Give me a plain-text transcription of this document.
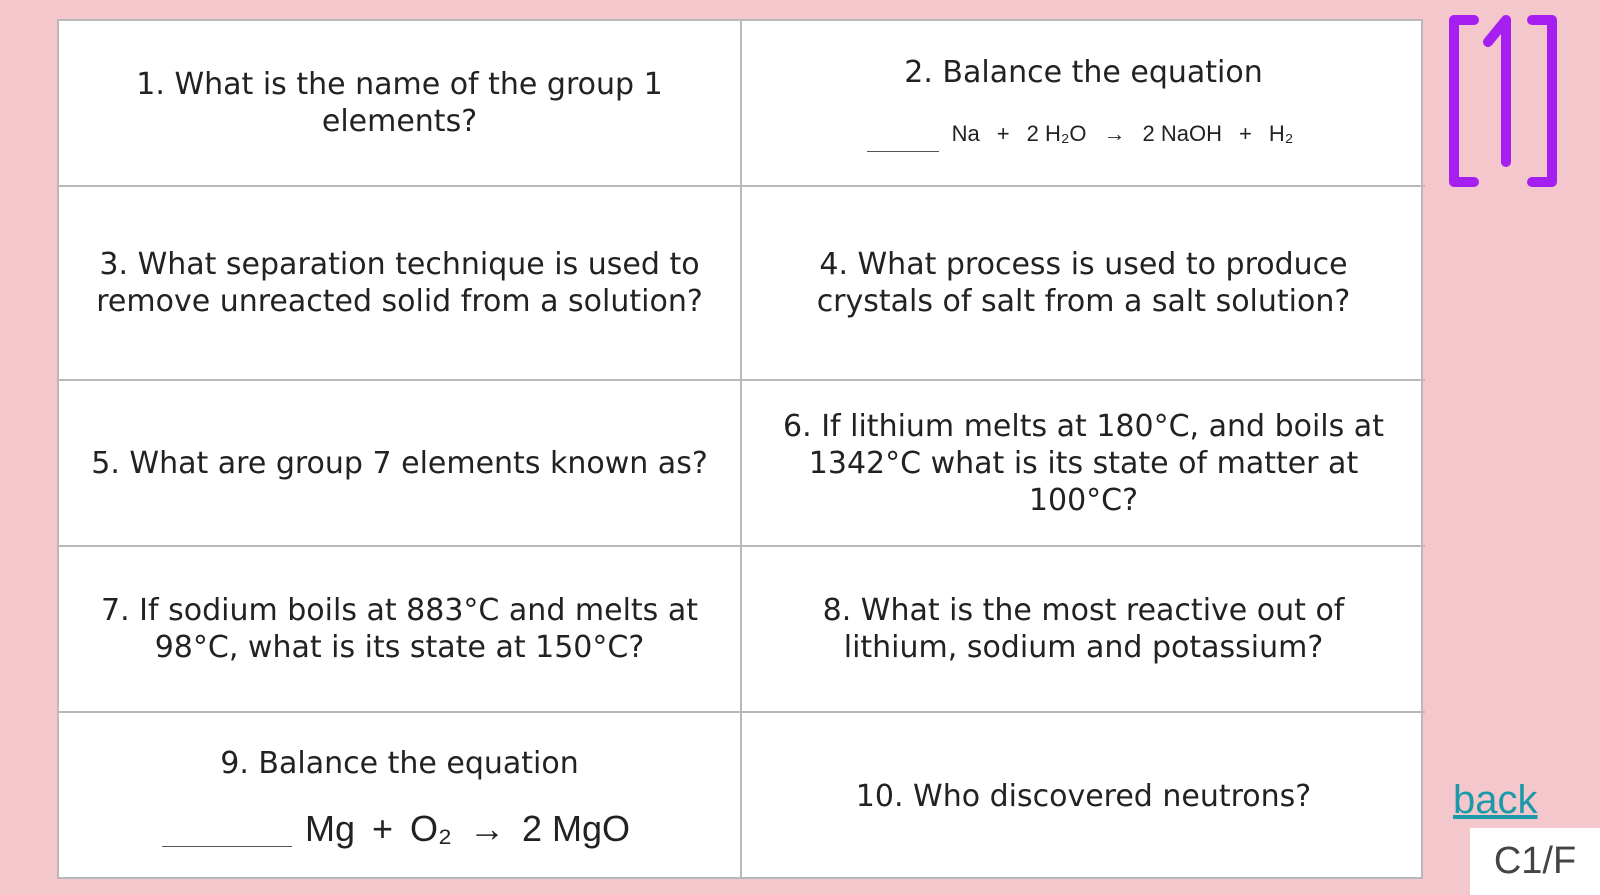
1. What is the name of the group 1 elements?
2. Balance the equation
Na + 2 H₂O → 2 NaOH + H₂
3. What separation technique is used to remove unreacted solid from a solution?
4. What process is used to produce crystals of salt from a salt solution?
5. What are group 7 elements known as?
6. If lithium melts at 180°C, and boils at 1342°C what is its state of matter at 100°C?
7. If sodium boils at 883°C and melts at 98°C, what is its state at 150°C?
8. What is the most reactive out of lithium, sodium and potassium?
9. Balance the equation
Mg + O₂ → 2 MgO
10. Who discovered neutrons?	back
C1/F
